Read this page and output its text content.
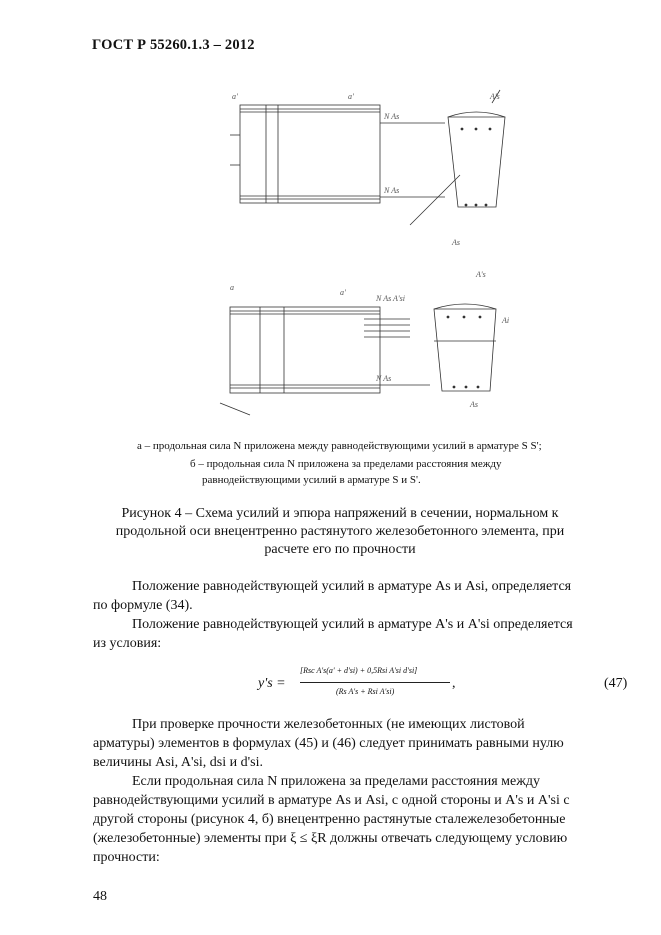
ГОСТ Р 55260.1.3 – 2012
a'	a'
N As
N As
A's
As
a
a'
N As A'si
N As
A's
Ai
As
а – продольная сила N приложена между равнодействующими усилий в арматуре S S';
б – продольная сила N приложена за пределами расстояния между
равнодействующими усилий в арматуре S и S'.
Рисунок 4 – Схема усилий и эпюра напряжений в сечении, нормальном к
продольной оси внецентренно растянутого железобетонного элемента, при
расчете его по прочности
Положение равнодействующей усилий в арматуре As и Asi, определяется
по формуле (34).
Положение равнодействующей усилий в арматуре A's и A'si определяется
из условия:
y's =
[Rsc A's(a' + d'si) + 0,5Rsi A'si d'si]
(Rs A's + Rsi A'si)
,	(47)
При проверке прочности железобетонных (не имеющих листовой
арматуры) элементов в формулах (45) и (46) следует принимать равными нулю
величины Asi, A'si, dsi и d'si.
Если продольная сила N приложена за пределами расстояния между
равнодействующими усилий в арматуре As и Asi, с одной стороны и A's и A'si с
другой стороны (рисунок 4, б) внецентренно растянутые сталежелезобетонные
(железобетонные) элементы при ξ ≤ ξR должны отвечать следующему условию
прочности:
48
